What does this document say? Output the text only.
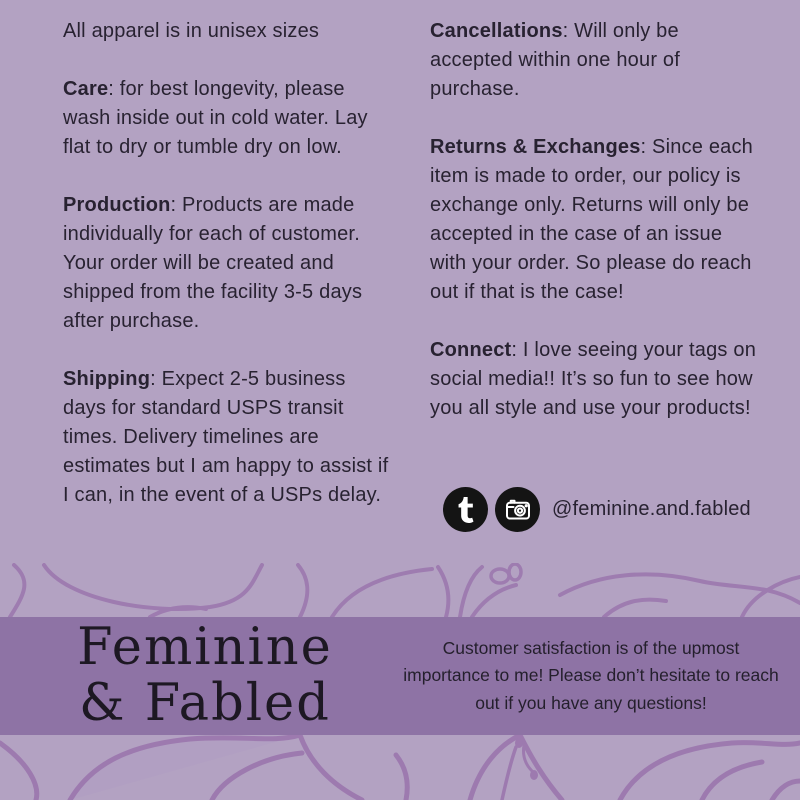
All apparel is in unisex sizes

Care: for best longevity, please wash inside out in cold water. Lay flat to dry or tumble dry on low.

Production: Products are made individually for each of customer. Your order will be created and shipped from the facility 3-5 days after purchase.

Shipping: Expect 2-5 business days for standard USPS transit times. Delivery timelines are estimates but I am happy to assist if I can, in the event of a USPs delay.

Cancellations: Will only be accepted within one hour of purchase.

Returns & Exchanges: Since each item is made to order, our policy is exchange only. Returns will only be accepted in the case of an issue with your order. So please do reach out if that is the case!

Connect: I love seeing your tags on social media!! It’s so fun to see how you all style and use your products!

@feminine.and.fabled
Feminine
& Fabled
Customer satisfaction is of the upmost importance to me! Please don’t hesitate to reach out if you have any questions!
